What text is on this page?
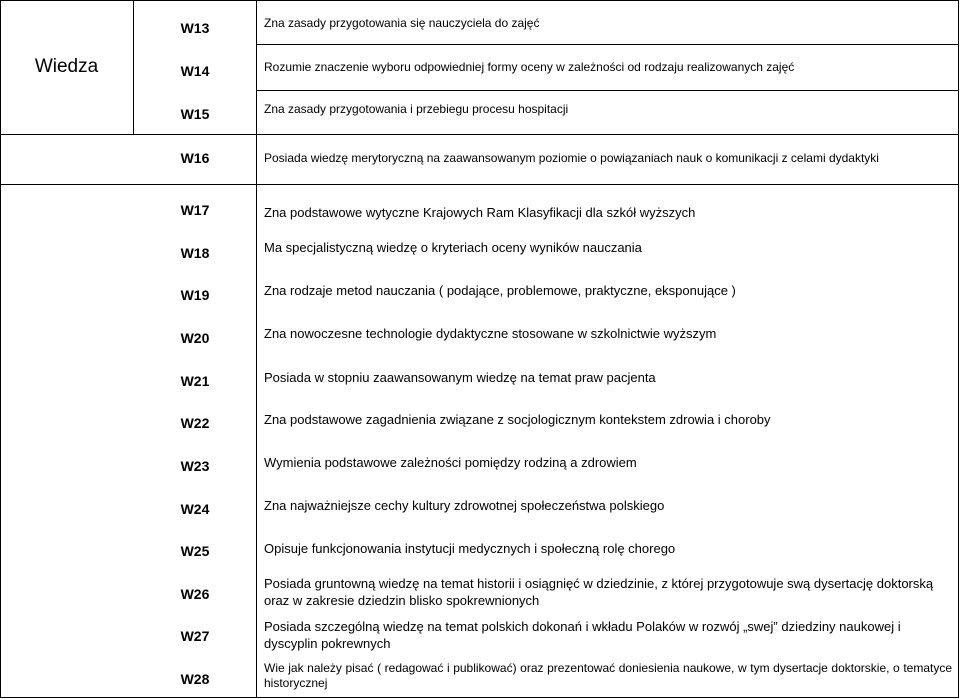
Wiedza
W13
W14
W15
W16
W17
W18
W19
W20
W21
W22
W23
W24
W25
W26
W27
W28
Zna zasady przygotowania się nauczyciela do zajęć
Rozumie znaczenie wyboru odpowiedniej formy oceny w zależności od rodzaju realizowanych zajęć
Zna zasady przygotowania i przebiegu procesu hospitacji
Posiada wiedzę merytoryczną na zaawansowanym poziomie o powiązaniach nauk o komunikacji z celami dydaktyki
Zna podstawowe wytyczne Krajowych Ram Klasyfikacji dla szkół wyższych
Ma specjalistyczną wiedzę o kryteriach oceny wyników nauczania
Zna rodzaje metod nauczania ( podające, problemowe, praktyczne, eksponujące )
Zna nowoczesne technologie dydaktyczne stosowane w szkolnictwie wyższym
Posiada w stopniu zaawansowanym wiedzę na temat praw pacjenta
Zna podstawowe zagadnienia związane z socjologicznym kontekstem zdrowia i choroby
Wymienia podstawowe zależności pomiędzy rodziną a zdrowiem
Zna najważniejsze cechy kultury zdrowotnej społeczeństwa polskiego
Opisuje funkcjonowania instytucji medycznych i społeczną rolę chorego
Posiada gruntowną wiedzę na temat historii i osiągnięć w dziedzinie, z której przygotowuje swą dysertację doktorską oraz w zakresie dziedzin blisko spokrewnionych
Posiada szczególną wiedzę na temat polskich dokonań i wkładu Polaków w rozwój „swej” dziedziny naukowej i dyscyplin pokrewnych
Wie jak należy pisać ( redagować i publikować) oraz prezentować doniesienia naukowe, w tym dysertacje doktorskie, o tematyce historycznej
